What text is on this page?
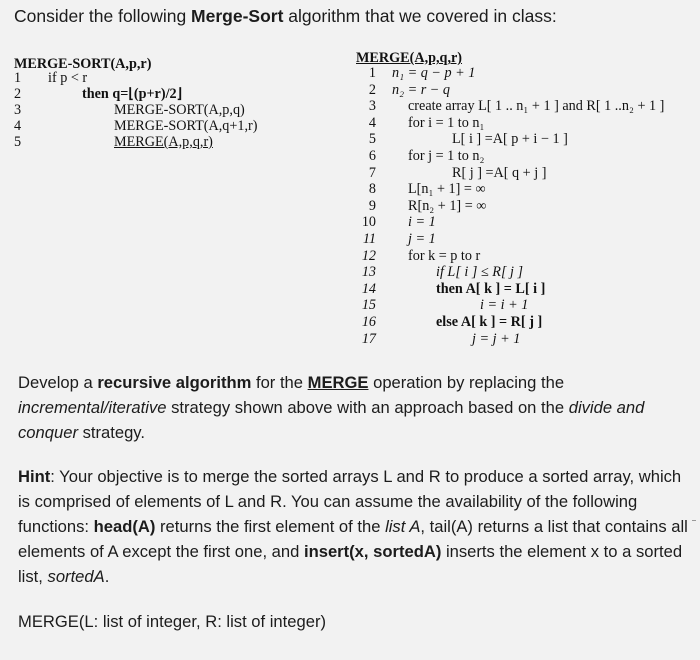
Consider the following Merge-Sort algorithm that we covered in class:
MERGE-SORT(A,p,r)
1	if p < r
2	then q=⌊(p+r)/2⌋
3	MERGE-SORT(A,p,q)
4	MERGE-SORT(A,q+1,r)
5	MERGE(A,p,q,r)
MERGE(A,p,q,r)
1 n₁ = q − p + 1
2 n₂ = r − q
3 create array L[ 1 .. n₁ + 1 ] and R[ 1 ..n₂ + 1 ]
4 for i = 1 to n₁
5	L[ i ] =A[ p + i − 1 ]
6 for j = 1 to n₂
7	R[ j ] =A[ q + j ]
8 L[n₁ + 1] = ∞
9 R[n₂ + 1] = ∞
10 i = 1
11 j = 1
12 for k = p to r
13	if L[ i ] ≤ R[ j ]
14	then A[ k ] = L[ i ]
15	i = i + 1
16	else A[ k ] = R[ j ]
17	j = j + 1
Develop a recursive algorithm for the MERGE operation by replacing the incremental/iterative strategy shown above with an approach based on the divide and conquer strategy.
Hint: Your objective is to merge the sorted arrays L and R to produce a sorted array, which is comprised of elements of L and R. You can assume the availability of the following functions: head(A) returns the first element of the list A, tail(A) returns a list that contains all elements of A except the first one, and insert(x, sortedA) inserts the element x to a sorted list, sortedA.
MERGE(L: list of integer, R: list of integer)
